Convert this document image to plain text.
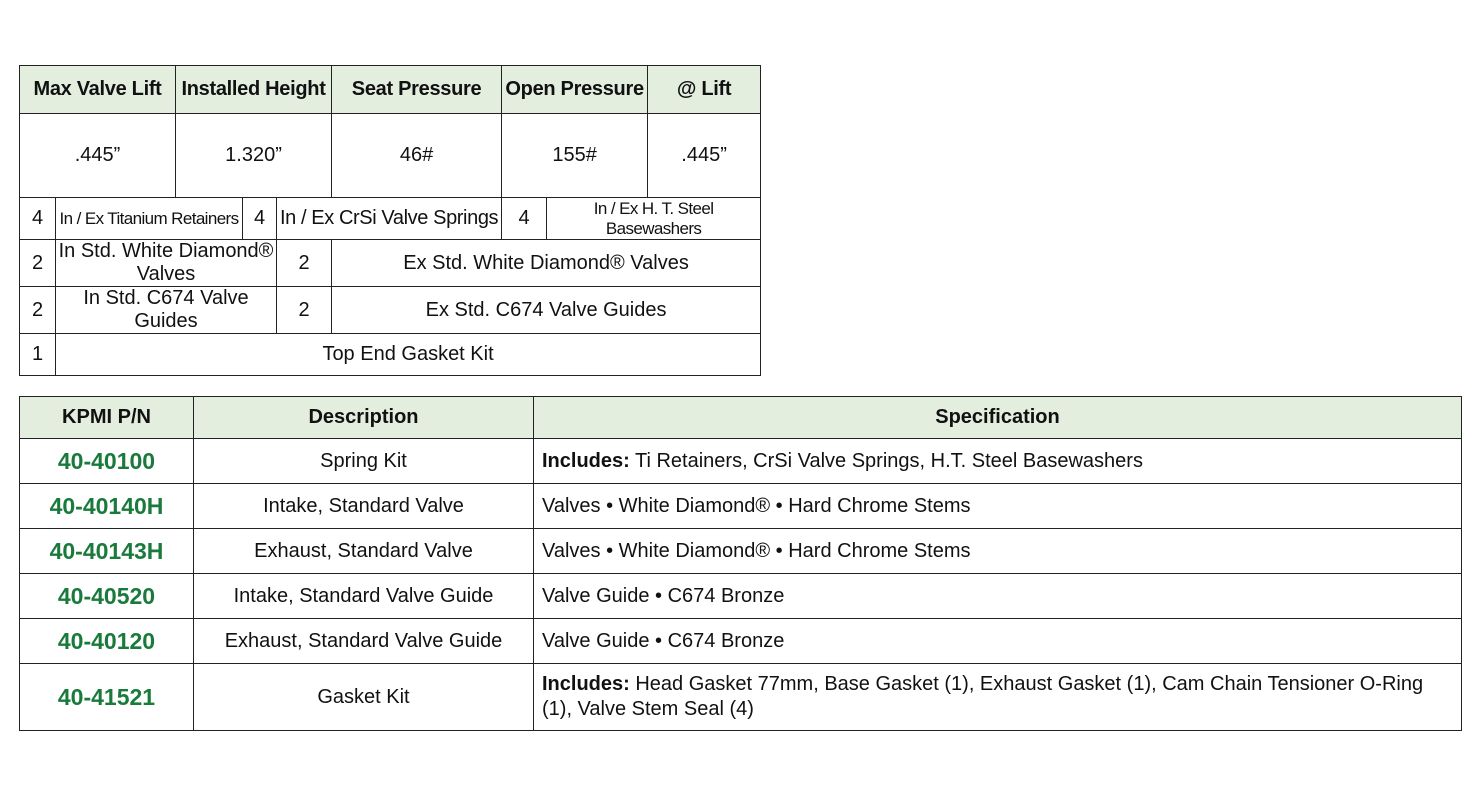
Max Valve Lift		Installed Height			Seat Pressure	Open Pressure		@ Lift
.445”		1.320”			46#	155#		.445”
4	In / Ex Titanium Retainers		4	In / Ex CrSi Valve Springs		4	In / Ex H. T. Steel Basewashers	
2	In Std. White Diamond® Valves			2	Ex Std. White Diamond® Valves			
2	In Std. C674 Valve Guides			2	Ex Std. C674 Valve Guides			
1	Top End Gasket Kit							
KPMI P/N	Description	Specification
40-40100	Spring Kit	Includes: Ti Retainers, CrSi Valve Springs, H.T. Steel Basewashers
40-40140H	Intake, Standard Valve	Valves • White Diamond® • Hard Chrome Stems
40-40143H	Exhaust, Standard Valve	Valves • White Diamond® • Hard Chrome Stems
40-40520	Intake, Standard Valve Guide	Valve Guide • C674 Bronze
40-40120	Exhaust, Standard Valve Guide	Valve Guide • C674 Bronze
40-41521	Gasket Kit	Includes: Head Gasket 77mm, Base Gasket (1), Exhaust Gasket (1), Cam Chain Tensioner O-Ring (1), Valve Stem Seal (4)
